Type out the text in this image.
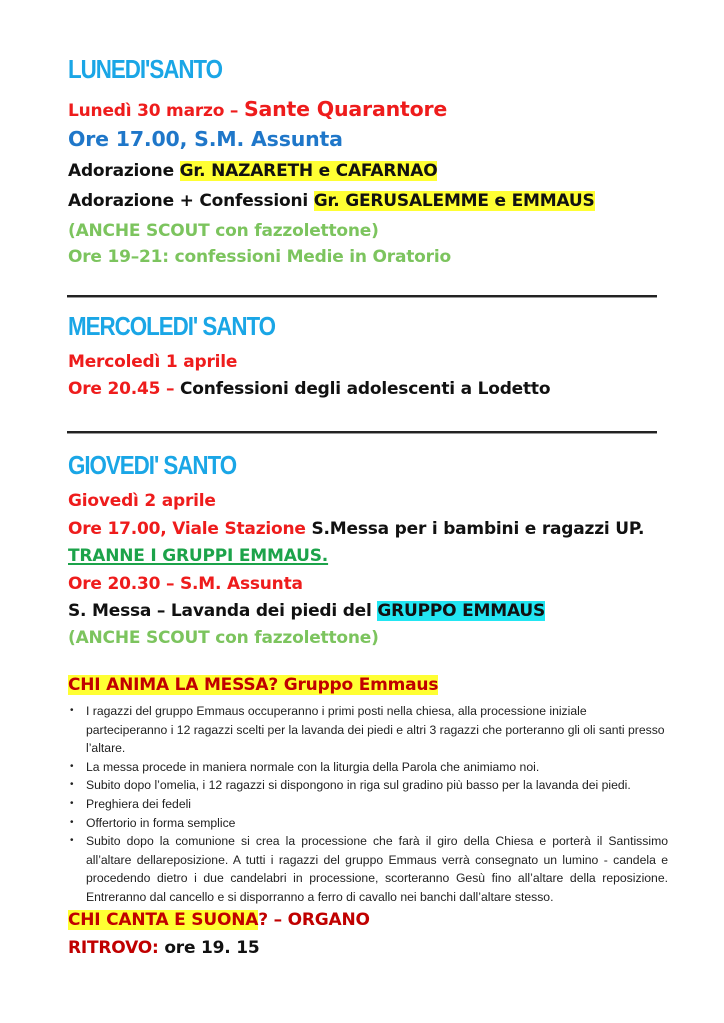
LUNEDI'SANTO
Lunedì 30 marzo – Sante Quarantore
Ore 17.00, S.M. Assunta
Adorazione Gr. NAZARETH e CAFARNAO
Adorazione + Confessioni Gr. GERUSALEMME e EMMAUS
(ANCHE SCOUT con fazzolettone)
Ore 19–21: confessioni Medie in Oratorio
MERCOLEDI' SANTO
Mercoledì 1 aprile
Ore 20.45 – Confessioni degli adolescenti a Lodetto
GIOVEDI' SANTO
Giovedì 2 aprile
Ore 17.00, Viale Stazione S.Messa per i bambini e ragazzi UP.
TRANNE I GRUPPI EMMAUS.
Ore 20.30 – S.M. Assunta
S. Messa – Lavanda dei piedi del GRUPPO EMMAUS
(ANCHE SCOUT con fazzolettone)
CHI ANIMA LA MESSA? Gruppo Emmaus
• I ragazzi del gruppo Emmaus occuperanno i primi posti nella chiesa, alla processione iniziale parteciperanno i 12 ragazzi scelti per la lavanda dei piedi e altri 3 ragazzi che porteranno gli oli santi presso l’altare.
• La messa procede in maniera normale con la liturgia della Parola che animiamo noi.
• Subito dopo l’omelia, i 12 ragazzi si dispongono in riga sul gradino più basso per la lavanda dei piedi.
• Preghiera dei fedeli
• Offertorio in forma semplice
• Subito dopo la comunione si crea la processione che farà il giro della Chiesa e porterà il Santissimo all’altare dellareposizione. A tutti i ragazzi del gruppo Emmaus verrà consegnato un lumino - candela e procedendo dietro i due candelabri in processione, scorteranno Gesù fino all’altare della reposizione. Entreranno dal cancello e si disporranno a ferro di cavallo nei banchi dall’altare stesso.
CHI CANTA E SUONA? – ORGANO
RITROVO: ore 19. 15
